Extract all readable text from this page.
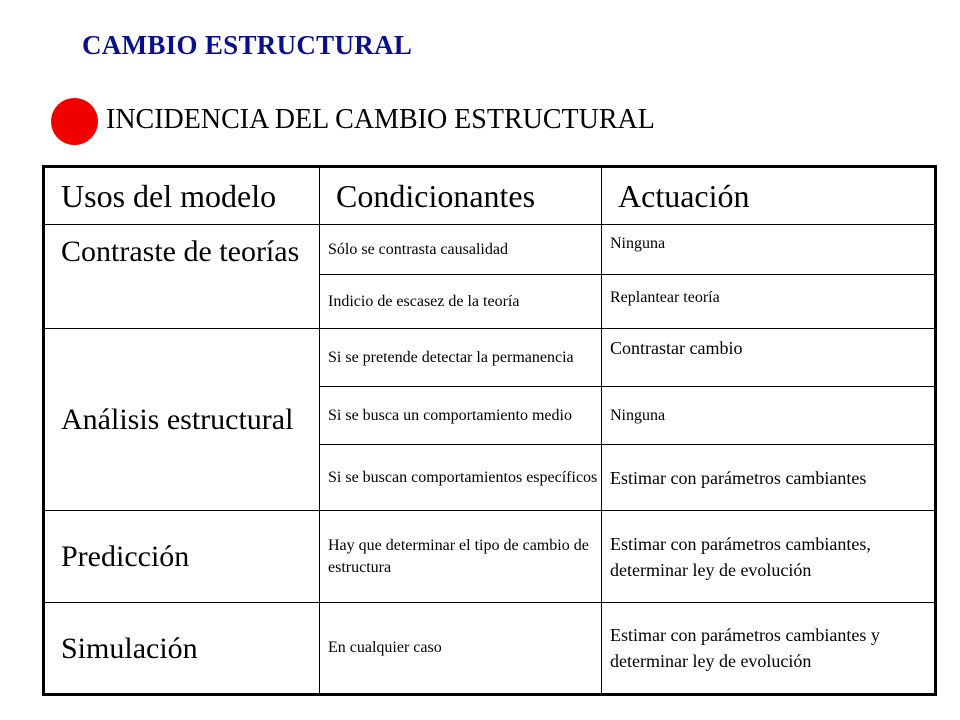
CAMBIO ESTRUCTURAL
INCIDENCIA DEL CAMBIO ESTRUCTURAL
Usos del modelo	Condicionantes	Actuación
Contraste de teorías	Sólo se contrasta causalidad	Ninguna
	Indicio de escasez de la teoría	Replantear teoría
Análisis estructural	Si se pretende detectar la permanencia	Contrastar cambio
	Si se busca un comportamiento medio	Ninguna
	Si se buscan comportamientos específicos	Estimar con parámetros cambiantes
Predicción	Hay que determinar el tipo de cambio de estructura	Estimar con parámetros cambiantes, determinar ley de evolución
Simulación	En cualquier caso	Estimar con parámetros cambiantes y determinar ley de evolución
